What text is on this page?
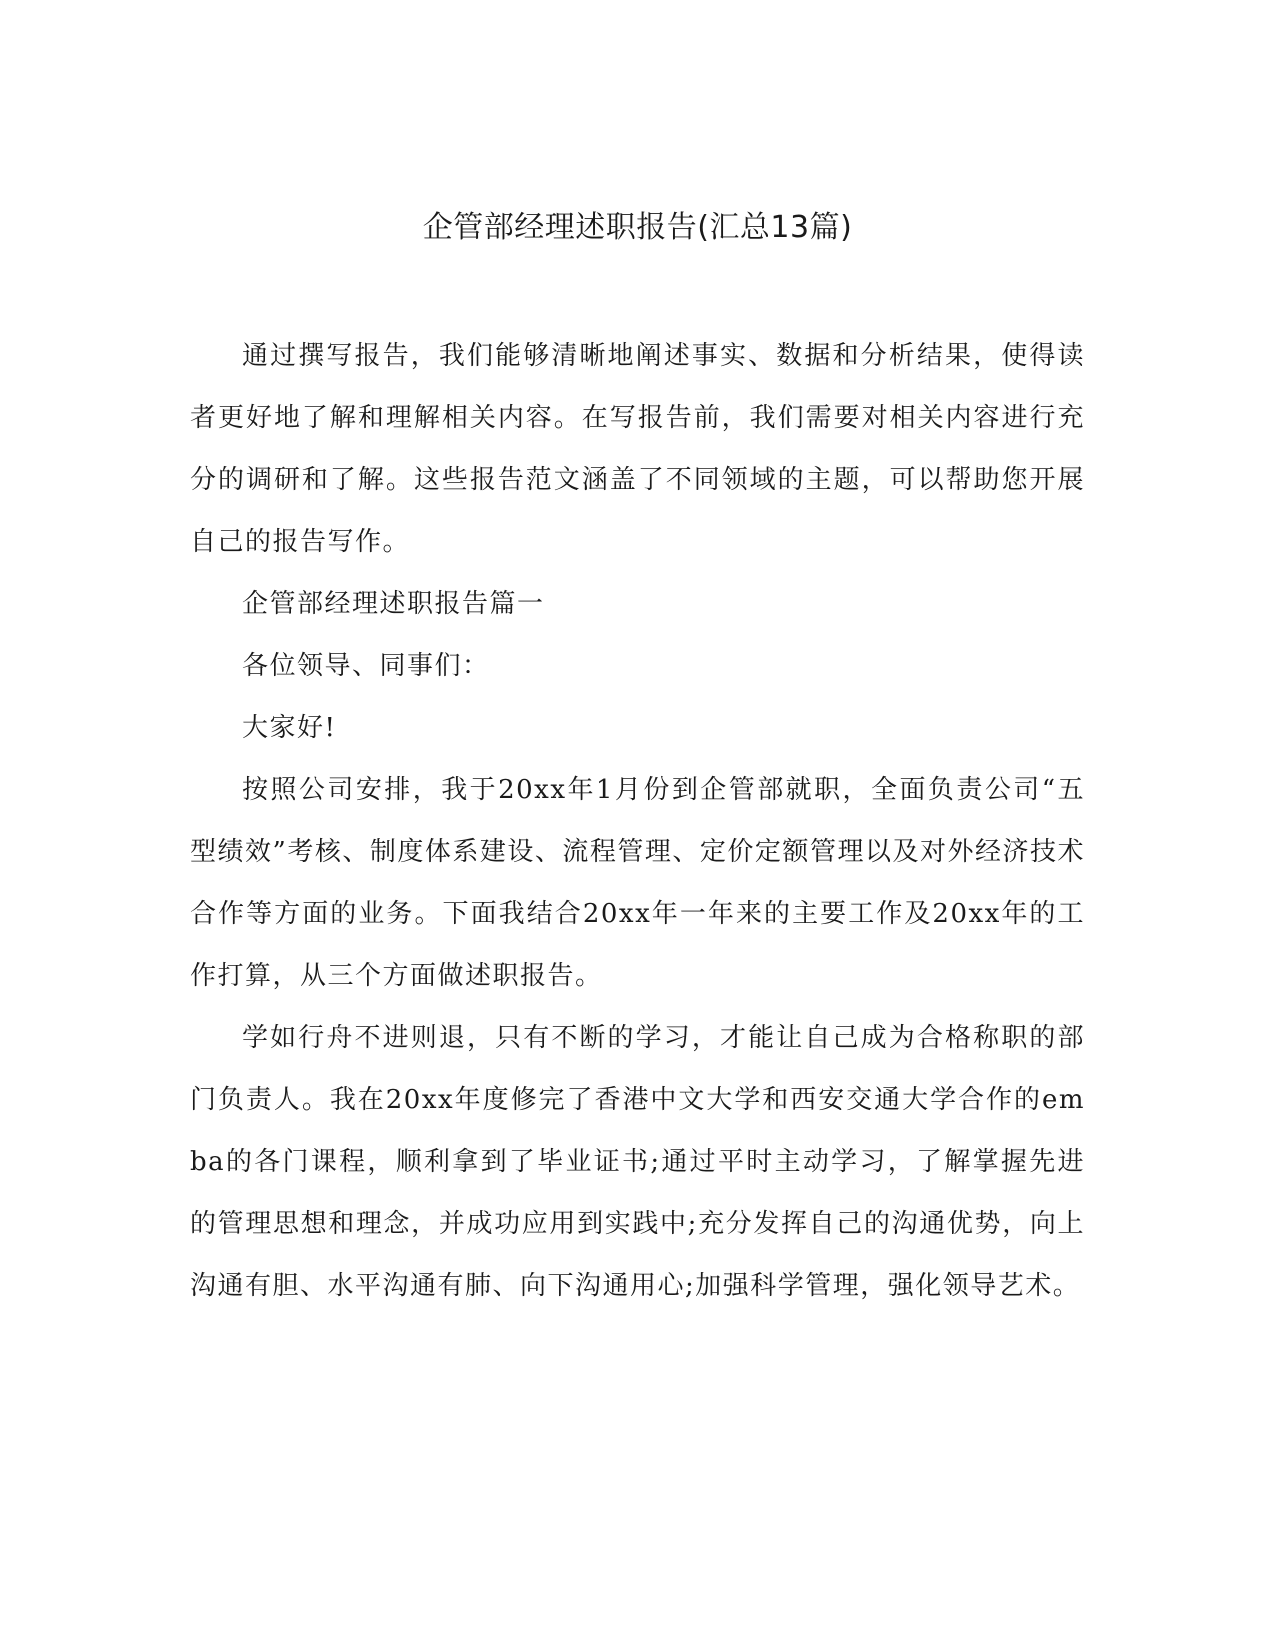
企管部经理述职报告(汇总13篇)

通过撰写报告，我们能够清晰地阐述事实、数据和分析结果，使得读者更好地了解和理解相关内容。在写报告前，我们需要对相关内容进行充分的调研和了解。这些报告范文涵盖了不同领域的主题，可以帮助您开展自己的报告写作。

企管部经理述职报告篇一

各位领导、同事们：

大家好!

按照公司安排，我于20xx年1月份到企管部就职，全面负责公司“五型绩效”考核、制度体系建设、流程管理、定价定额管理以及对外经济技术合作等方面的业务。下面我结合20xx年一年来的主要工作及20xx年的工作打算，从三个方面做述职报告。

学如行舟不进则退，只有不断的学习，才能让自己成为合格称职的部门负责人。我在20xx年度修完了香港中文大学和西安交通大学合作的emba的各门课程，顺利拿到了毕业证书;通过平时主动学习，了解掌握先进的管理思想和理念，并成功应用到实践中;充分发挥自己的沟通优势，向上沟通有胆、水平沟通有肺、向下沟通用心;加强科学管理，强化领导艺术。
